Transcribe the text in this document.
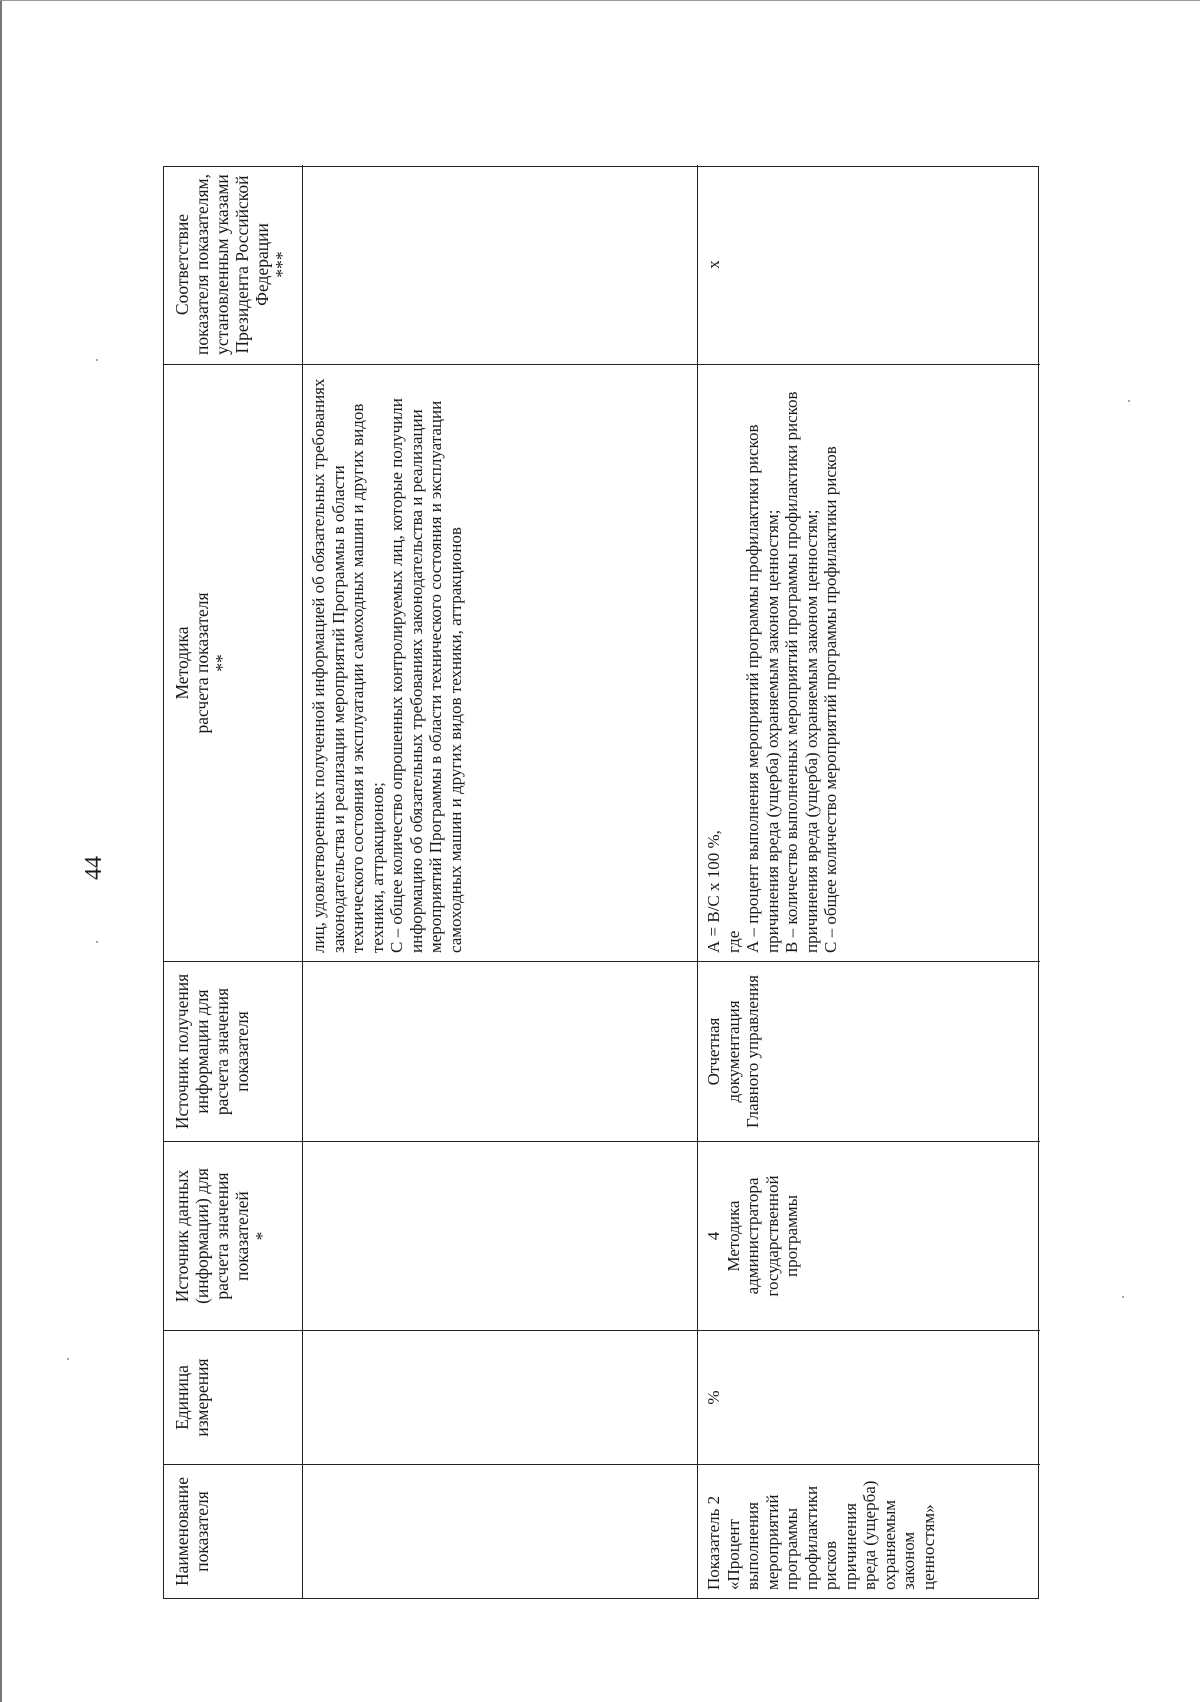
44
Наименование показателя
Единица измерения
Источник данных (информации) для расчета значения показателей
*
Источник получения информации для расчета значения показателя
Методика
расчета показателя
**
Соответствие показателя показателям, установленным указами Президента Российской Федерации
***
лиц, удовлетворенных полученной информацией об обязательных требованиях законодательства и реализации мероприятий Программы в области технического состояния и эксплуатации самоходных машин и других видов техники, аттракционов;
С – общее количество опрошенных контролируемых лиц, которые получили информацию об обязательных требованиях законодательства и реализации мероприятий Программы в области технического состояния и эксплуатации самоходных машин и других видов техники, аттракционов
Показатель 2 «Процент выполнения мероприятий программы профилактики рисков причинения вреда (ущерба) охраняемым законом ценностям»
%
4
Методика администратора государственной программы
Отчетная документация Главного управления
А = В/С х 100 %,
где
А – процент выполнения мероприятий программы профилактики рисков причинения вреда (ущерба) охраняемым законом ценностям;
В – количество выполненных мероприятий программы профилактики рисков причинения вреда (ущерба) охраняемым законом ценностям;
С – общее количество мероприятий программы профилактики рисков
х
